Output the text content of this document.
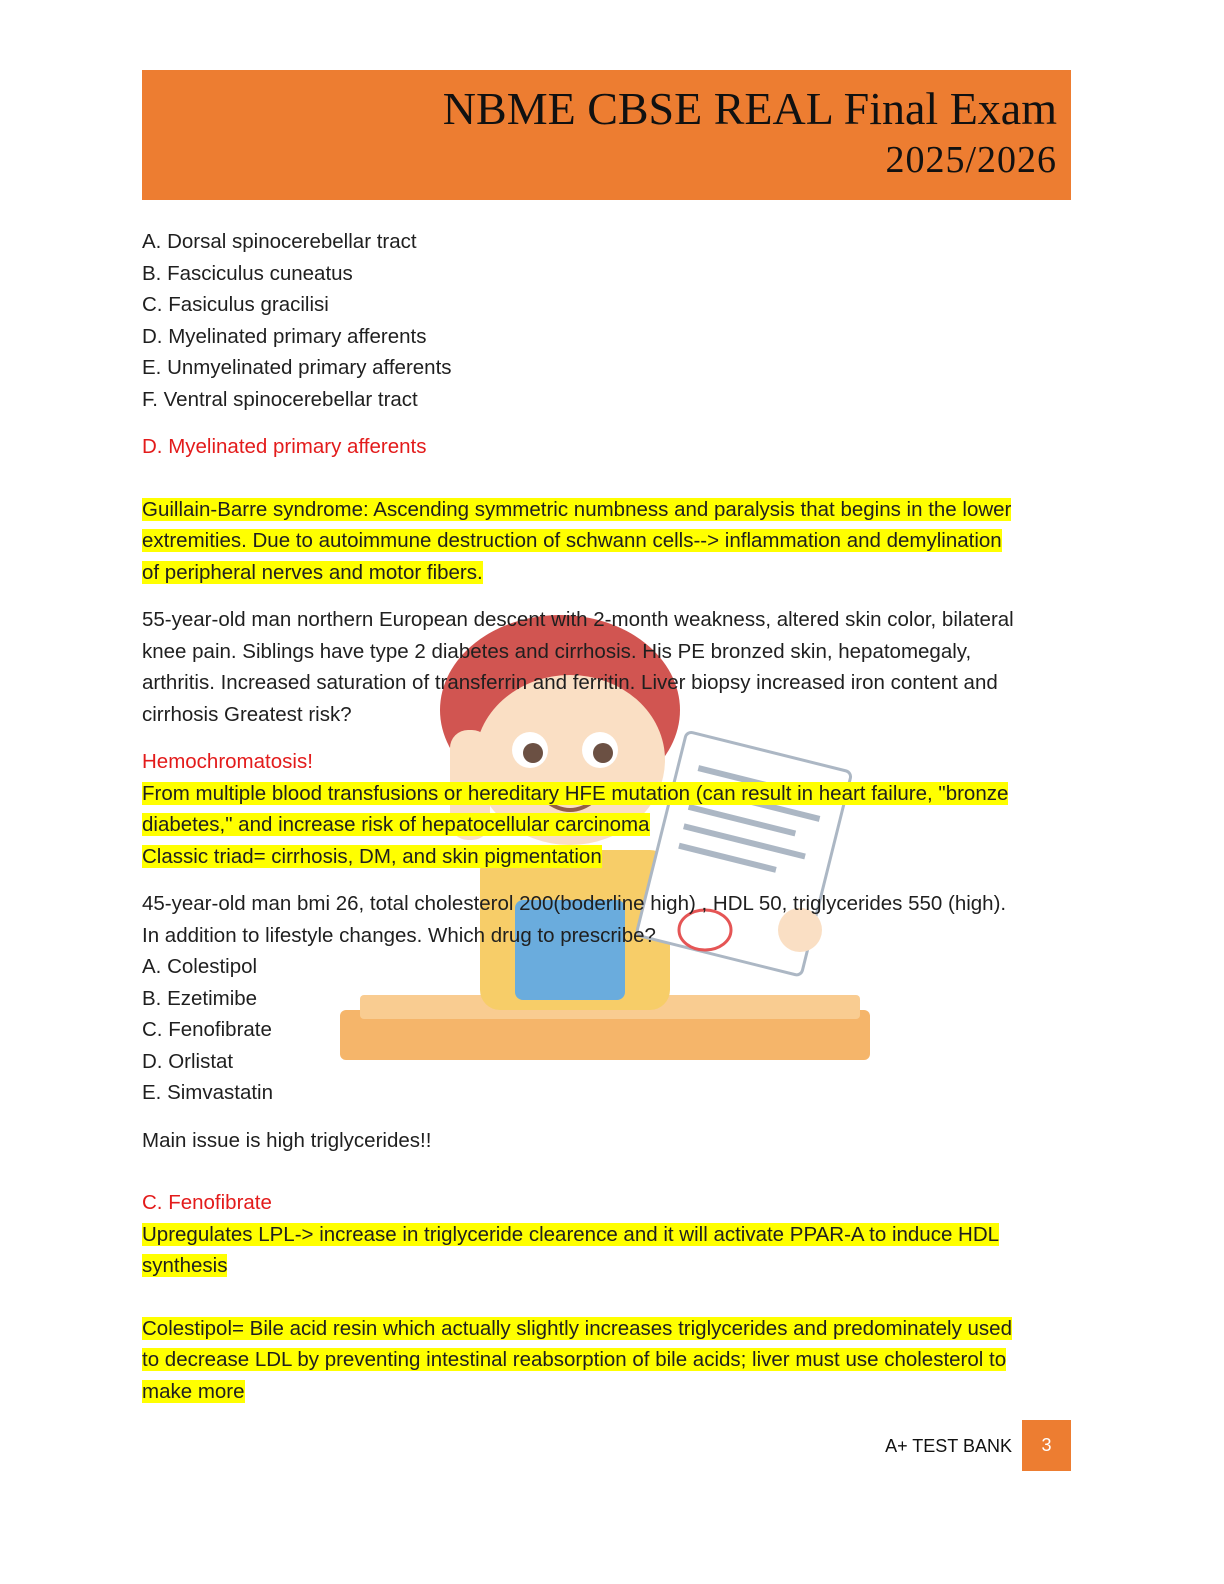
NBME CBSE REAL Final Exam
2025/2026

A. Dorsal spinocerebellar tract

B. Fasciculus cuneatus

C. Fasiculus gracilisi

D. Myelinated primary afferents

E. Unmyelinated primary afferents

F. Ventral spinocerebellar tract

D. Myelinated primary afferents

Guillain-Barre syndrome: Ascending symmetric numbness and paralysis that begins in the lower

extremities. Due to autoimmune destruction of schwann cells--> inflammation and demylination

of peripheral nerves and motor fibers.

55-year-old man northern European descent with 2-month weakness, altered skin color, bilateral

knee pain. Siblings have type 2 diabetes and cirrhosis. His PE bronzed skin, hepatomegaly,

arthritis. Increased saturation of transferrin and ferritin. Liver biopsy increased iron content and

cirrhosis Greatest risk?

Hemochromatosis!

From multiple blood transfusions or hereditary HFE mutation (can result in heart failure, "bronze

diabetes," and increase risk of hepatocellular carcinoma

Classic triad= cirrhosis, DM, and skin pigmentation

45-year-old man bmi 26, total cholesterol 200(boderline high) , HDL 50, triglycerides 550 (high).

In addition to lifestyle changes. Which drug to prescribe?

A. Colestipol

B. Ezetimibe

C. Fenofibrate

D. Orlistat

E. Simvastatin

Main issue is high triglycerides!!

C. Fenofibrate

Upregulates LPL-> increase in triglyceride clearence and it will activate PPAR-A to induce HDL

synthesis

Colestipol= Bile acid resin which actually slightly increases triglycerides and predominately used

to decrease LDL by preventing intestinal reabsorption of bile acids; liver must use cholesterol to

make more

A+ TEST BANK	3
